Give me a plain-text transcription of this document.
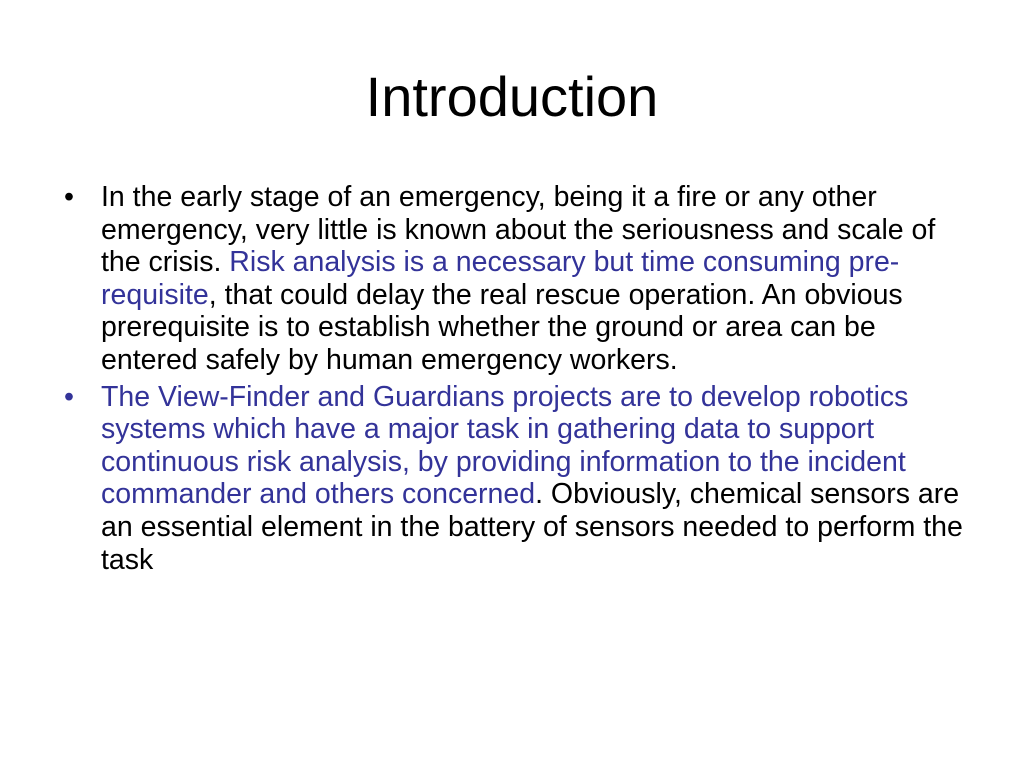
Introduction
• In the early stage of an emergency, being it a fire or any other emergency, very little is known about the seriousness and scale of the crisis. Risk analysis is a necessary but time consuming pre-requisite, that could delay the real rescue operation. An obvious prerequisite is to establish whether the ground or area can be entered safely by human emergency workers.
• The View-Finder and Guardians projects are to develop robotics systems which have a major task in gathering data to support continuous risk analysis, by providing information to the incident commander and others concerned. Obviously, chemical sensors are an essential element in the battery of sensors needed to perform the task
